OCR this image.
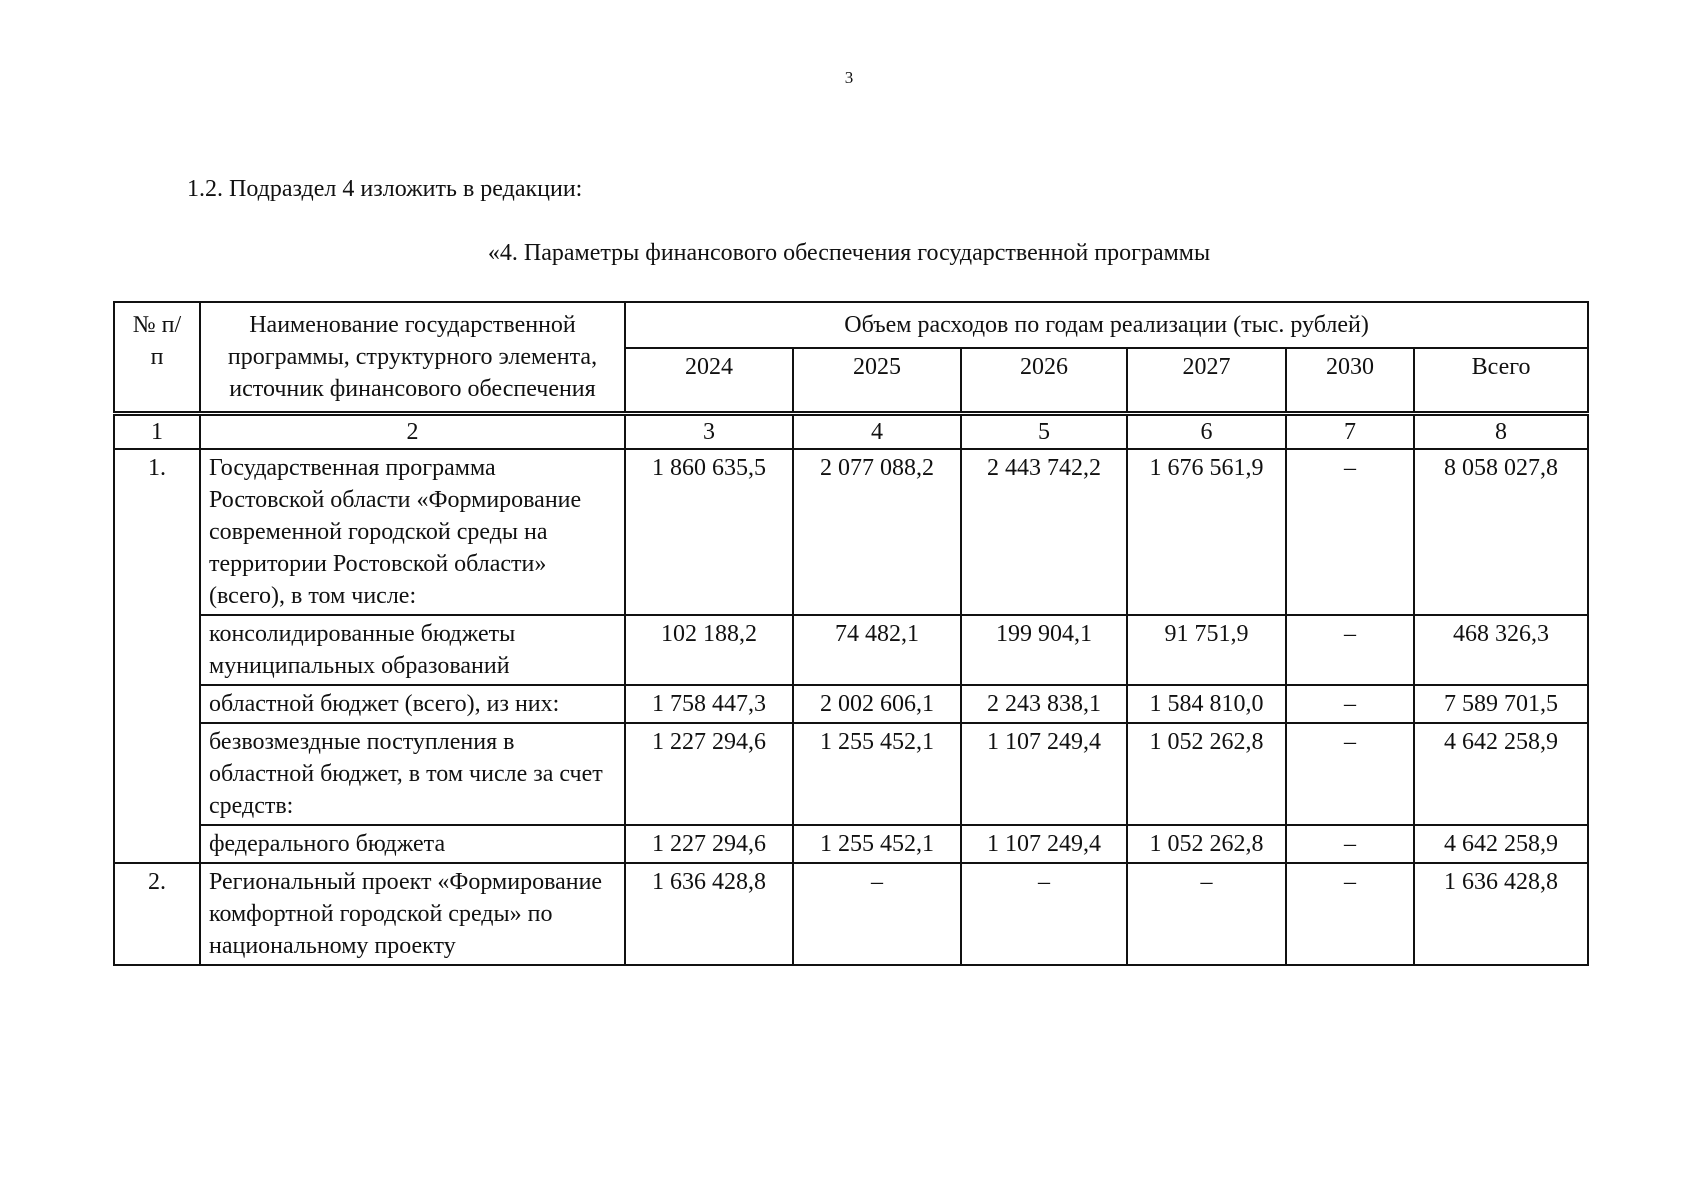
3
1.2. Подраздел 4 изложить в редакции:
«4. Параметры финансового обеспечения государственной программы
№ п/п	Наименование государственной программы, структурного элемента, источник финансового обеспечения	Объем расходов по годам реализации (тыс. рублей)					
		2024	2025	2026	2027	2030	Всего
1	2	3	4	5	6	7	8
1.	Государственная программа Ростовской области «Формирование современной городской среды на территории Ростовской области» (всего), в том числе:	1 860 635,5	2 077 088,2	2 443 742,2	1 676 561,9	–	8 058 027,8
	консолидированные бюджеты муниципальных образований	102 188,2	74 482,1	199 904,1	91 751,9	–	468 326,3
	областной бюджет (всего), из них:	1 758 447,3	2 002 606,1	2 243 838,1	1 584 810,0	–	7 589 701,5
	безвозмездные поступления в областной бюджет, в том числе за счет средств:	1 227 294,6	1 255 452,1	1 107 249,4	1 052 262,8	–	4 642 258,9
	федерального бюджета	1 227 294,6	1 255 452,1	1 107 249,4	1 052 262,8	–	4 642 258,9
2.	Региональный проект «Формирование комфортной городской среды» по национальному проекту	1 636 428,8	–	–	–	–	1 636 428,8
